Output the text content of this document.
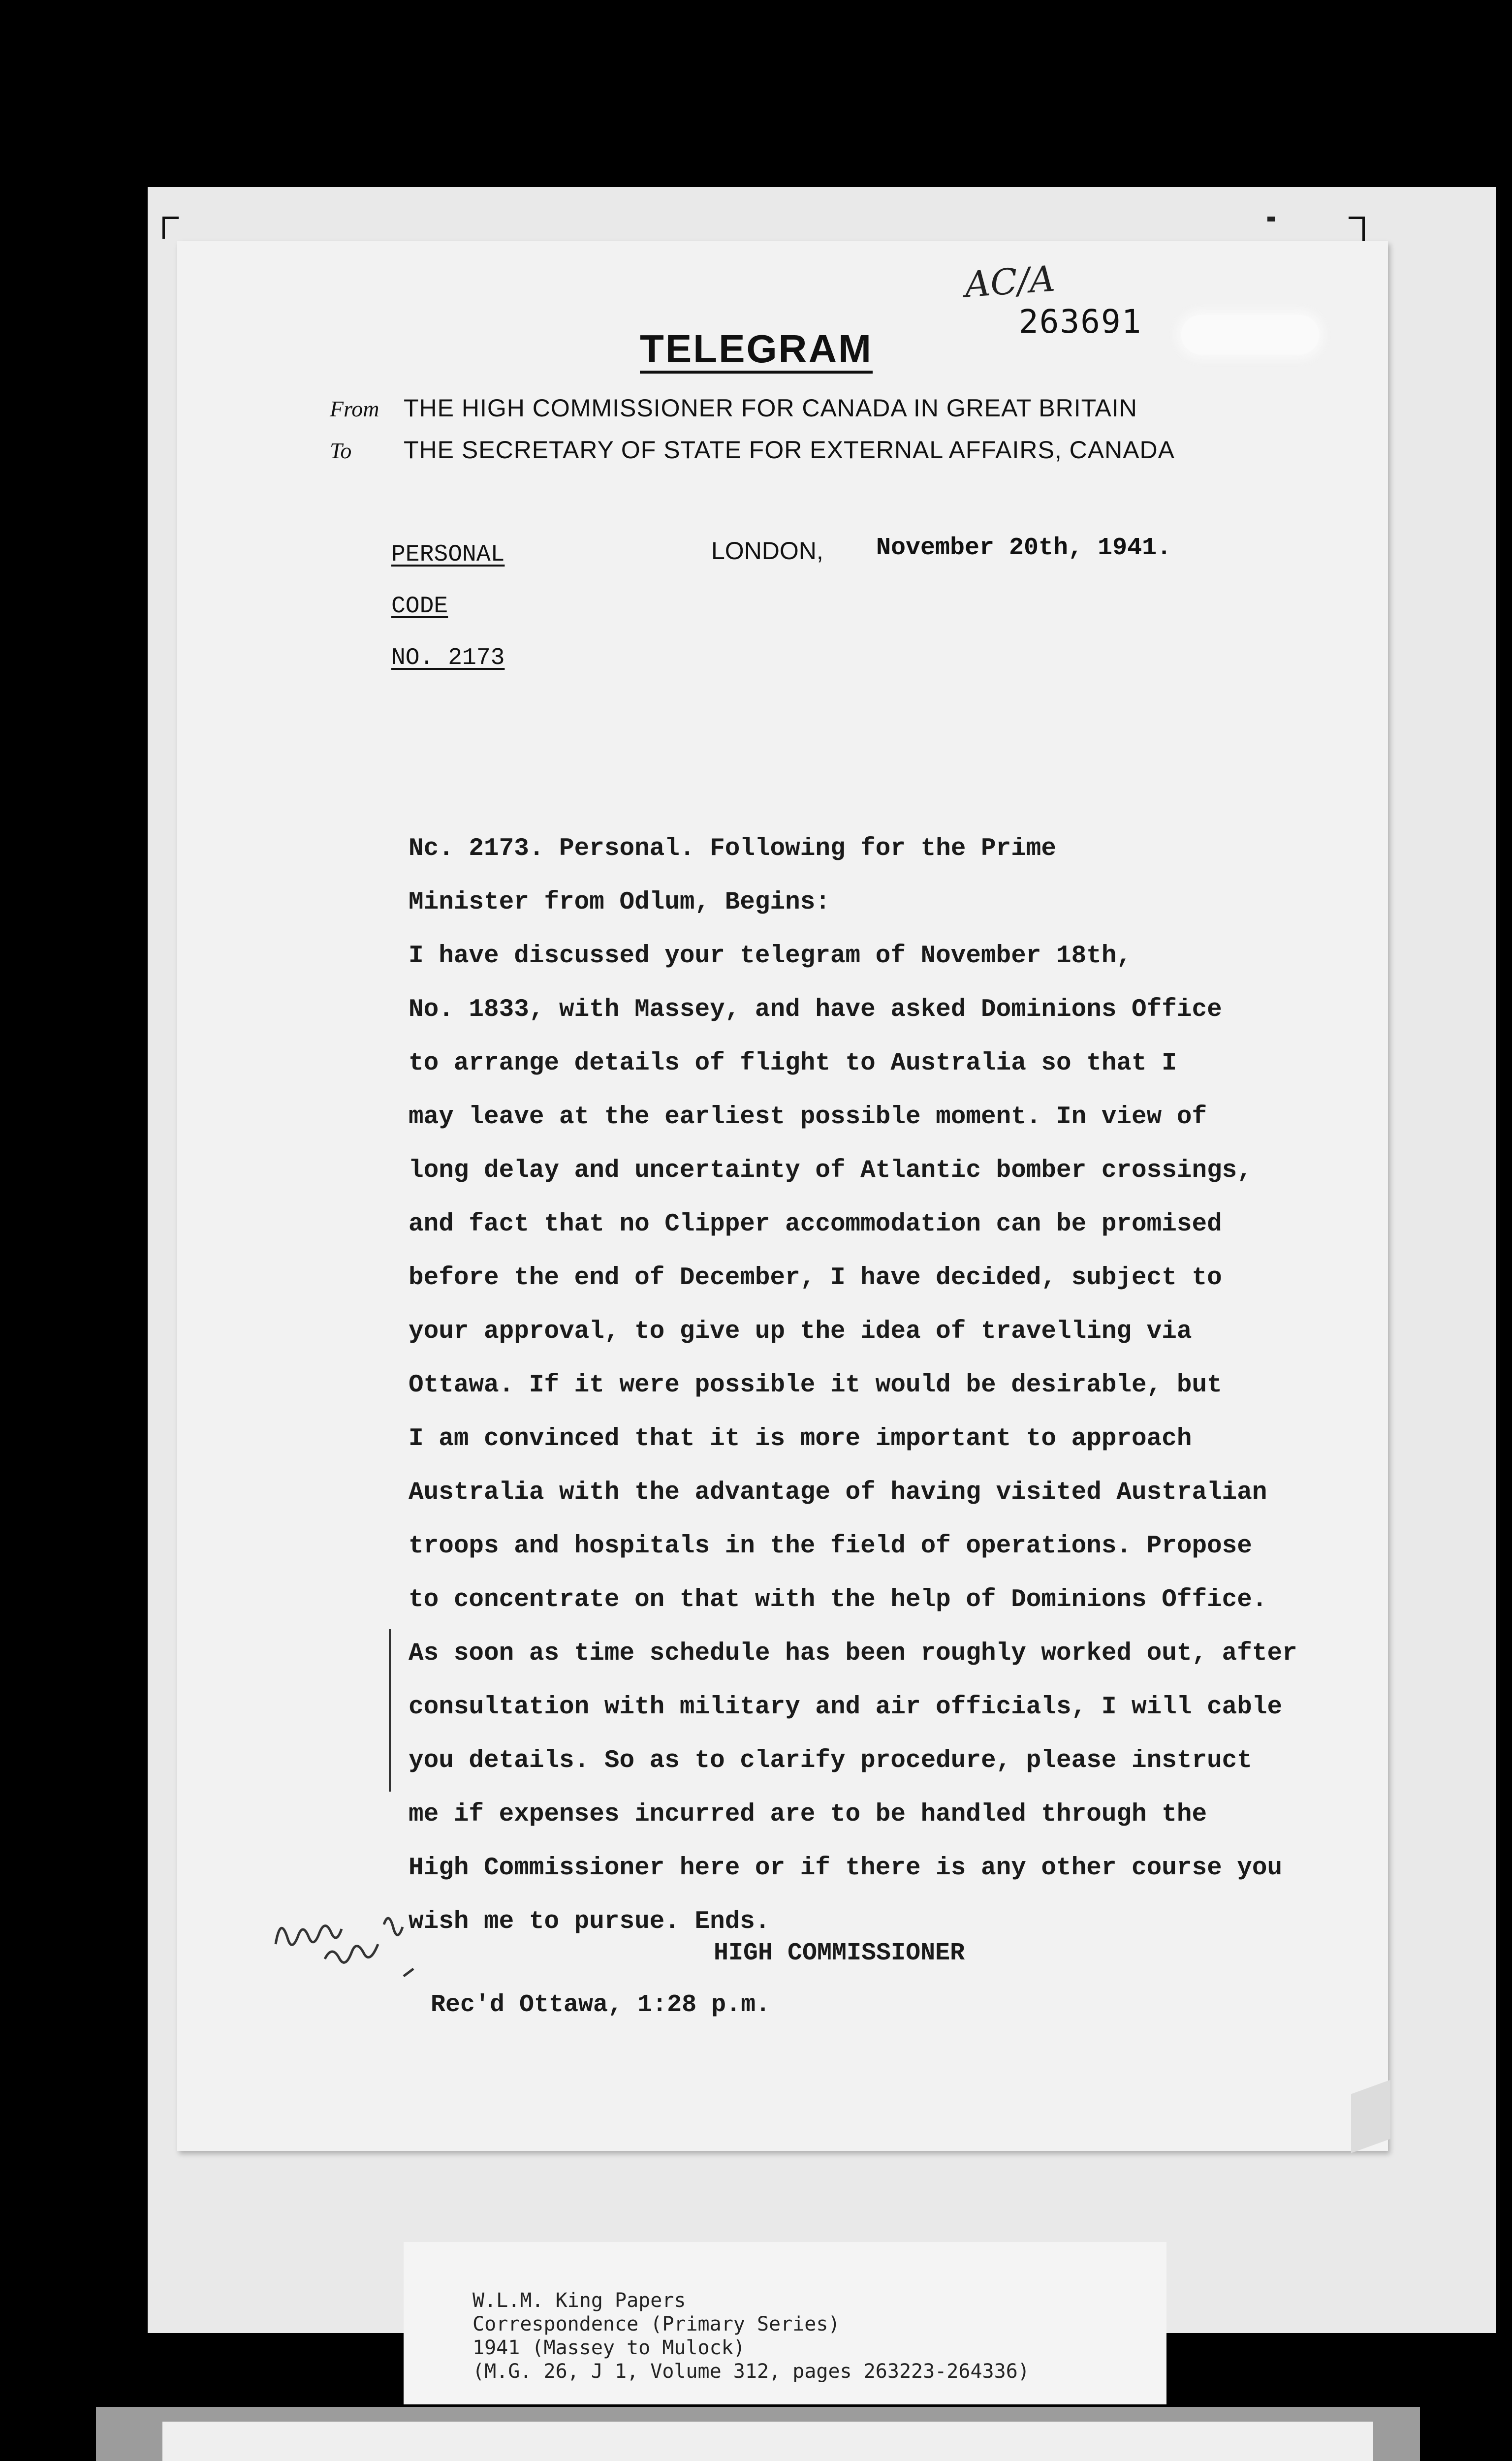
AC/A
263691
TELEGRAM
From THE HIGH COMMISSIONER FOR CANADA IN GREAT BRITAIN
To THE SECRETARY OF STATE FOR EXTERNAL AFFAIRS, CANADA
PERSONAL
CODE
NO. 2173
LONDON, November 20th, 1941.
Nc. 2173. Personal. Following for the Prime
Minister from Odlum, Begins:
I have discussed your telegram of November 18th,
No. 1833, with Massey, and have asked Dominions Office
to arrange details of flight to Australia so that I
may leave at the earliest possible moment. In view of
long delay and uncertainty of Atlantic bomber crossings,
and fact that no Clipper accommodation can be promised
before the end of December, I have decided, subject to
your approval, to give up the idea of travelling via
Ottawa. If it were possible it would be desirable, but
I am convinced that it is more important to approach
Australia with the advantage of having visited Australian
troops and hospitals in the field of operations. Propose
to concentrate on that with the help of Dominions Office.
As soon as time schedule has been roughly worked out, after
consultation with military and air officials, I will cable
you details. So as to clarify procedure, please instruct
me if expenses incurred are to be handled through the
High Commissioner here or if there is any other course you
wish me to pursue. Ends.
HIGH COMMISSIONER
Rec'd Ottawa, 1:28 p.m.
W.L.M. King Papers
Correspondence (Primary Series)
1941 (Massey to Mulock)
(M.G. 26, J 1, Volume 312, pages 263223-264336)
